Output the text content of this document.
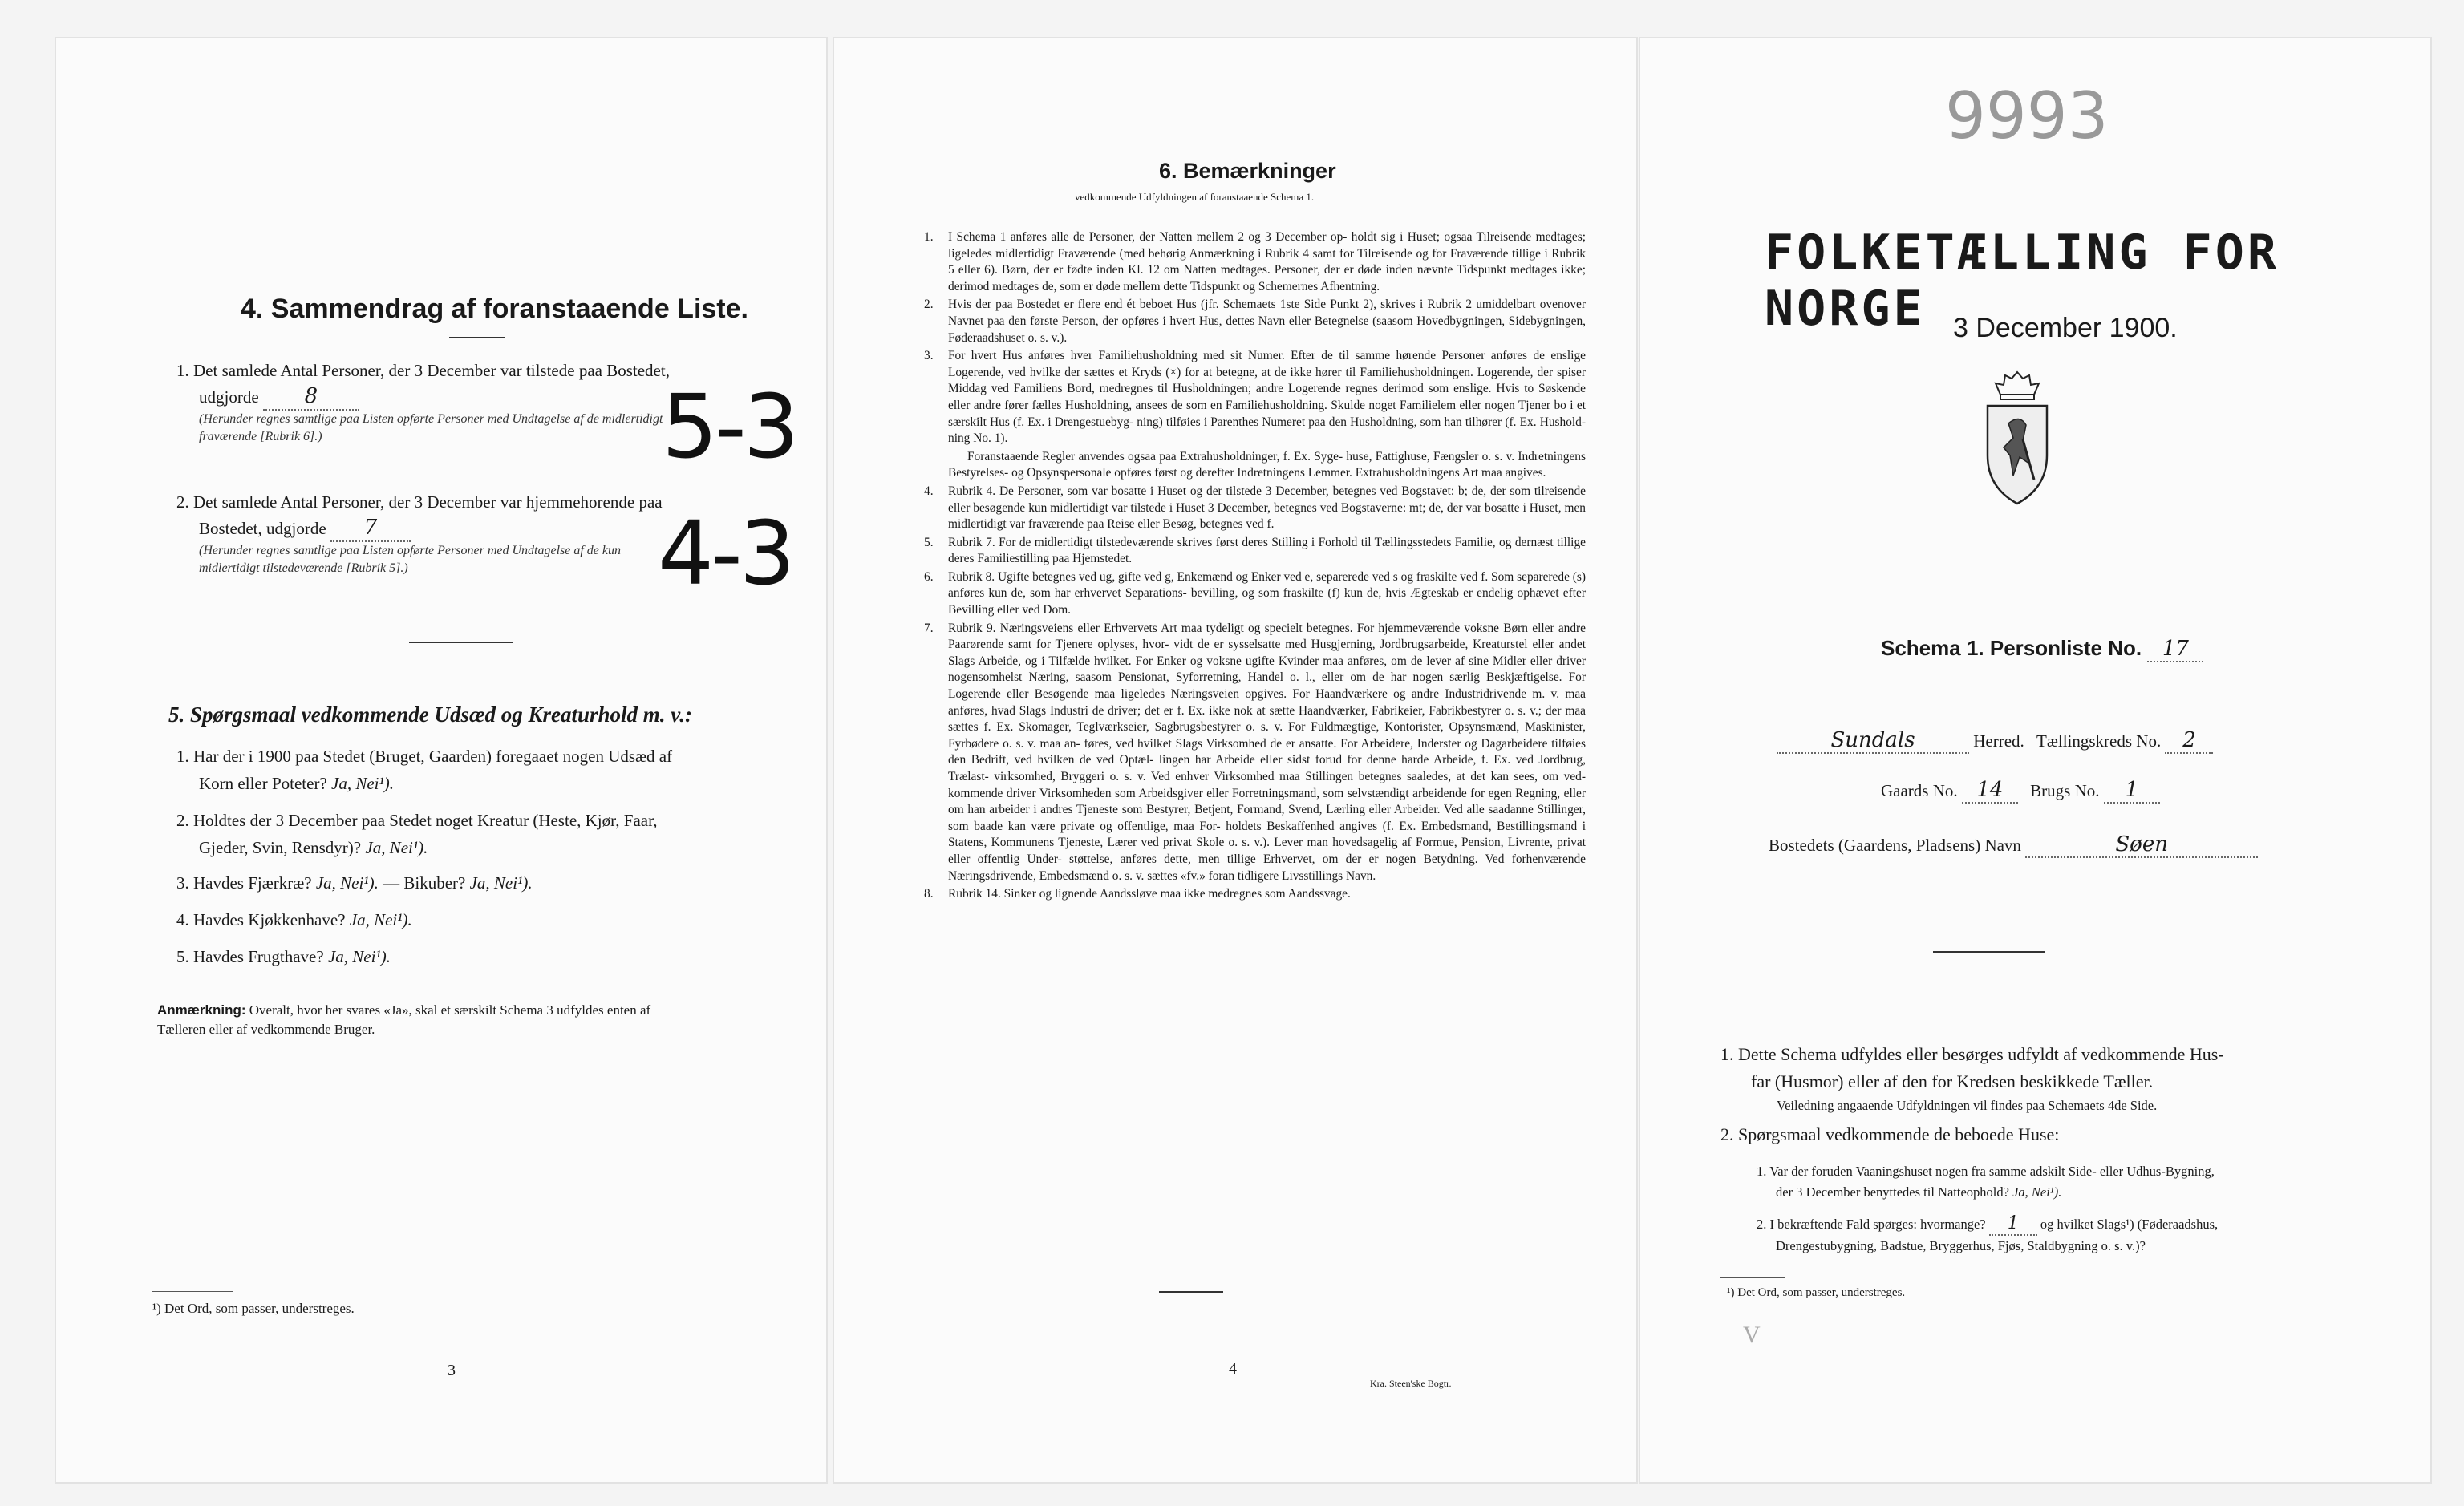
4. Sammendrag af foranstaaende Liste.
1. Det samlede Antal Personer, der 3 December var tilstede paa Bostedet,
udgjorde 8
(Herunder regnes samtlige paa Listen opførte Personer med Undtagelse af de midlertidigt
fraværende [Rubrik 6].)	5-3
2. Det samlede Antal Personer, der 3 December var hjemmehorende paa
Bostedet, udgjorde 7
(Herunder regnes samtlige paa Listen opførte Personer med Undtagelse af de kun
midlertidigt tilstedeværende [Rubrik 5].)	4-3
5. Spørgsmaal vedkommende Udsæd og Kreaturhold m. v.:
1. Har der i 1900 paa Stedet (Bruget, Gaarden) foregaaet nogen Udsæd af
Korn eller Poteter? Ja, Nei¹).
2. Holdtes der 3 December paa Stedet noget Kreatur (Heste, Kjør, Faar,
Gjeder, Svin, Rensdyr)? Ja, Nei¹).
3. Havdes Fjærkræ? Ja, Nei¹). — Bikuber? Ja, Nei¹).
4. Havdes Kjøkkenhave? Ja, Nei¹).
5. Havdes Frugthave? Ja, Nei¹).
Anmærkning: Overalt, hvor her svares «Ja», skal et særskilt Schema 3 udfyldes enten af
Tælleren eller af vedkommende Bruger.
¹) Det Ord, som passer, understreges.
3
6. Bemærkninger
vedkommende Udfyldningen af foranstaaende Schema 1.
1. I Schema 1 anføres alle de Personer, der Natten mellem 2 og 3 December op- holdt sig i Huset; ogsaa Tilreisende medtages; ligeledes midlertidigt Fraværende (med behørig Anmærkning i Rubrik 4 samt for Tilreisende og for Fraværende tillige i Rubrik 5 eller 6). Børn, der er fødte inden Kl. 12 om Natten medtages. Personer, der er døde inden nævnte Tidspunkt medtages ikke; derimod medtages de, som er døde mellem dette Tidspunkt og Schemernes Afhentning.
2. Hvis der paa Bostedet er flere end ét beboet Hus (jfr. Schemaets 1ste Side Punkt 2), skrives i Rubrik 2 umiddelbart ovenover Navnet paa den første Person, der opføres i hvert Hus, dettes Navn eller Betegnelse (saasom Hovedbygningen, Sidebygningen, Føderaadshuset o. s. v.).
3. For hvert Hus anføres hver Familiehusholdning med sit Numer. Efter de til samme hørende Personer anføres de enslige Logerende, ved hvilke der sættes et Kryds (×) for at betegne, at de ikke hører til Familiehusholdningen. Logerende, der spiser Middag ved Familiens Bord, medregnes til Husholdningen; andre Logerende regnes derimod som enslige. Hvis to Søskende eller andre fører fælles Husholdning, ansees de som en Familiehusholdning. Skulde noget Familielem eller nogen Tjener bo i et særskilt Hus (f. Ex. i Drengestuebyg- ning) tilføies i Parenthes Numeret paa den Husholdning, som han tilhører (f. Ex. Hushold- ning No. 1).
Foranstaaende Regler anvendes ogsaa paa Extrahusholdninger, f. Ex. Syge- huse, Fattighuse, Fængsler o. s. v. Indretningens Bestyrelses- og Opsynspersonale opføres først og derefter Indretningens Lemmer. Extrahusholdningens Art maa angives.
4. Rubrik 4. De Personer, som var bosatte i Huset og der tilstede 3 December, betegnes ved Bogstavet: b; de, der som tilreisende eller besøgende kun midlertidigt var tilstede i Huset 3 December, betegnes ved Bogstaverne: mt; de, der var bosatte i Huset, men midlertidigt var fraværende paa Reise eller Besøg, betegnes ved f.
5. Rubrik 7. For de midlertidigt tilstedeværende skrives først deres Stilling i Forhold til Tællingsstedets Familie, og dernæst tillige deres Familiestilling paa Hjemstedet.
6. Rubrik 8. Ugifte betegnes ved ug, gifte ved g, Enkemænd og Enker ved e, separerede ved s og fraskilte ved f. Som separerede (s) anføres kun de, som har erhvervet Separations- bevilling, og som fraskilte (f) kun de, hvis Ægteskab er endelig ophævet efter Bevilling eller ved Dom.
7. Rubrik 9. Næringsveiens eller Erhvervets Art maa tydeligt og specielt betegnes. For hjemmeværende voksne Børn eller andre Paarørende samt for Tjenere oplyses, hvor- vidt de er sysselsatte med Husgjerning, Jordbrugsarbeide, Kreaturstel eller andet Slags Arbeide, og i Tilfælde hvilket. For Enker og voksne ugifte Kvinder maa anføres, om de lever af sine Midler eller driver nogensomhelst Næring, saasom Pensionat, Syforretning, Handel o. l., eller om de har nogen særlig Beskjæftigelse. For Logerende eller Besøgende maa ligeledes Næringsveien opgives. For Haandværkere og andre Industridrivende m. v. maa anføres, hvad Slags Industri de driver; det er f. Ex. ikke nok at sætte Haandværker, Fabrikeier, Fabrikbestyrer o. s. v.; der maa sættes f. Ex. Skomager, Teglværkseier, Sagbrugsbestyrer o. s. v. For Fuldmægtige, Kontorister, Opsynsmænd, Maskinister, Fyrbødere o. s. v. maa an- føres, ved hvilket Slags Virksomhed de er ansatte. For Arbeidere, Inderster og Dagarbeidere tilføies den Bedrift, ved hvilken de ved Optæl- lingen har Arbeide eller sidst forud for denne harde Arbeide, f. Ex. ved Jordbrug, Trælast- virksomhed, Bryggeri o. s. v. Ved enhver Virksomhed maa Stillingen betegnes saaledes, at det kan sees, om ved- kommende driver Virksomheden som Arbeidsgiver eller Forretningsmand, som selvstændigt arbeidende for egen Regning, eller om han arbeider i andres Tjeneste som Bestyrer, Betjent, Formand, Svend, Lærling eller Arbeider. Ved alle saadanne Stillinger, som baade kan være private og offentlige, maa For- holdets Beskaffenhed angives (f. Ex. Embedsmand, Bestillingsmand i Statens, Kommunens Tjeneste, Lærer ved privat Skole o. s. v.). Lever man hovedsagelig af Formue, Pension, Livrente, privat eller offentlig Under- støttelse, anføres dette, men tillige Erhvervet, om der er nogen Betydning. Ved forhenværende Næringsdrivende, Embedsmænd o. s. v. sættes «fv.» foran tidligere Livsstillings Navn.
8. Rubrik 14. Sinker og lignende Aandssløve maa ikke medregnes som Aandssvage.
4
Kra. Steen'ske Bogtr.
9993
FOLKETÆLLING FOR NORGE	3 December 1900.
Schema 1. Personliste No. 17
Sundals	Herred. Tællingskreds No. 2
Gaards No. 14 Brugs No. 1
Bostedets (Gaardens, Pladsens) Navn	Søen
1. Dette Schema udfyldes eller besørges udfyldt af vedkommende Hus-
far (Husmor) eller af den for Kredsen beskikkede Tæller.
Veiledning angaaende Udfyldningen vil findes paa Schemaets 4de Side.
2. Spørgsmaal vedkommende de beboede Huse:
1. Var der foruden Vaaningshuset nogen fra samme adskilt Side- eller Udhus-Bygning,
der 3 December benyttedes til Natteophold? Ja, Nei¹).
2. I bekræftende Fald spørges: hvormange? 1 og hvilket Slags¹) (Føderaadshus,
Drengestubygning, Badstue, Bryggerhus, Fjøs, Staldbygning o. s. v.)?
¹) Det Ord, som passer, understreges.
V
